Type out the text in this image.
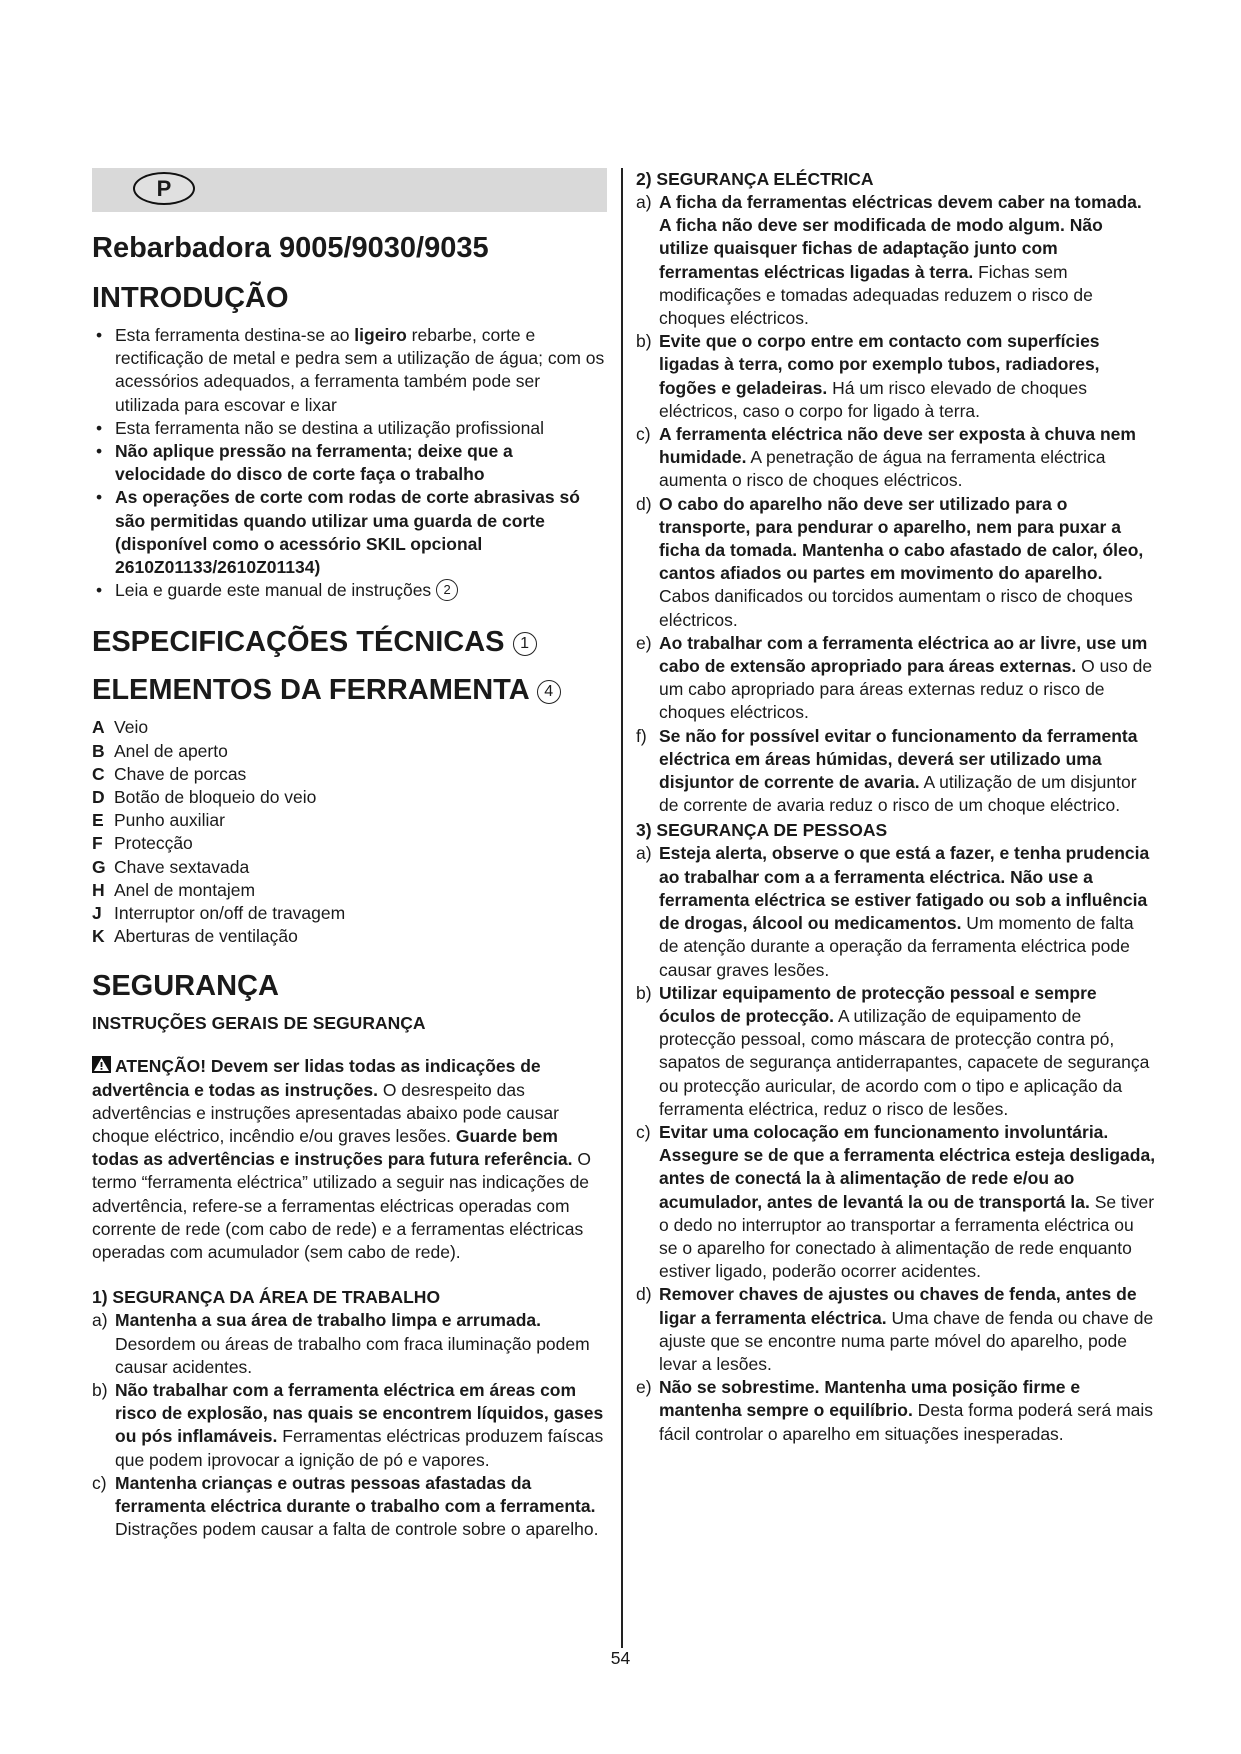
P
Rebarbadora 9005/9030/9035
INTRODUÇÃO
• Esta ferramenta destina-se ao ligeiro rebarbe, corte e rectificação de metal e pedra sem a utilização de água; com os acessórios adequados, a ferramenta também pode ser utilizada para escovar e lixar
• Esta ferramenta não se destina a utilização profissional
• Não aplique pressão na ferramenta; deixe que a velocidade do disco de corte faça o trabalho
• As operações de corte com rodas de corte abrasivas só são permitidas quando utilizar uma guarda de corte (disponível como o acessório SKIL opcional 2610Z01133/2610Z01134)
• Leia e guarde este manual de instruções 2
ESPECIFICAÇÕES TÉCNICAS 1
ELEMENTOS DA FERRAMENTA 4
A Veio
B Anel de aperto
C Chave de porcas
D Botão de bloqueio do veio
E Punho auxiliar
F Protecção
G Chave sextavada
H Anel de montajem
J Interruptor on/off de travagem
K Aberturas de ventilação
SEGURANÇA
INSTRUÇÕES GERAIS DE SEGURANÇA

ATENÇÃO! Devem ser lidas todas as indicações de advertência e todas as instruções. O desrespeito das advertências e instruções apresentadas abaixo pode causar choque eléctrico, incêndio e/ou graves lesões. Guarde bem todas as advertências e instruções para futura referência. O termo “ferramenta eléctrica” utilizado a seguir nas indicações de advertência, refere-se a ferramentas eléctricas operadas com corrente de rede (com cabo de rede) e a ferramentas eléctricas operadas com acumulador (sem cabo de rede).

1) SEGURANÇA DA ÁREA DE TRABALHO
a) Mantenha a sua área de trabalho limpa e arrumada. Desordem ou áreas de trabalho com fraca iluminação podem causar acidentes.
b) Não trabalhar com a ferramenta eléctrica em áreas com risco de explosão, nas quais se encontrem líquidos, gases ou pós inflamáveis. Ferramentas eléctricas produzem faíscas que podem iprovocar a ignição de pó e vapores.
c) Mantenha crianças e outras pessoas afastadas da ferramenta eléctrica durante o trabalho com a ferramenta. Distrações podem causar a falta de controle sobre o aparelho.
2) SEGURANÇA ELÉCTRICA
a) A ficha da ferramentas eléctricas devem caber na tomada. A ficha não deve ser modificada de modo algum. Não utilize quaisquer fichas de adaptação junto com ferramentas eléctricas ligadas à terra. Fichas sem modificações e tomadas adequadas reduzem o risco de choques eléctricos.
b) Evite que o corpo entre em contacto com superfícies ligadas à terra, como por exemplo tubos, radiadores, fogões e geladeiras. Há um risco elevado de choques eléctricos, caso o corpo for ligado à terra.
c) A ferramenta eléctrica não deve ser exposta à chuva nem humidade. A penetração de água na ferramenta eléctrica aumenta o risco de choques eléctricos.
d) O cabo do aparelho não deve ser utilizado para o transporte, para pendurar o aparelho, nem para puxar a ficha da tomada. Mantenha o cabo afastado de calor, óleo, cantos afiados ou partes em movimento do aparelho. Cabos danificados ou torcidos aumentam o risco de choques eléctricos.
e) Ao trabalhar com a ferramenta eléctrica ao ar livre, use um cabo de extensão apropriado para áreas externas. O uso de um cabo apropriado para áreas externas reduz o risco de choques eléctricos.
f) Se não for possível evitar o funcionamento da ferramenta eléctrica em áreas húmidas, deverá ser utilizado uma disjuntor de corrente de avaria. A utilização de um disjuntor de corrente de avaria reduz o risco de um choque eléctrico.
3) SEGURANÇA DE PESSOAS
a) Esteja alerta, observe o que está a fazer, e tenha prudencia ao trabalhar com a a ferramenta eléctrica. Não use a ferramenta eléctrica se estiver fatigado ou sob a influência de drogas, álcool ou medicamentos. Um momento de falta de atenção durante a operação da ferramenta eléctrica pode causar graves lesões.
b) Utilizar equipamento de protecção pessoal e sempre óculos de protecção. A utilização de equipamento de protecção pessoal, como máscara de protecção contra pó, sapatos de segurança antiderrapantes, capacete de segurança ou protecção auricular, de acordo com o tipo e aplicação da ferramenta eléctrica, reduz o risco de lesões.
c) Evitar uma colocação em funcionamento involuntária. Assegure se de que a ferramenta eléctrica esteja desligada, antes de conectá la à alimentação de rede e/ou ao acumulador, antes de levantá la ou de transportá la. Se tiver o dedo no interruptor ao transportar a ferramenta eléctrica ou se o aparelho for conectado à alimentação de rede enquanto estiver ligado, poderão ocorrer acidentes.
d) Remover chaves de ajustes ou chaves de fenda, antes de ligar a ferramenta eléctrica. Uma chave de fenda ou chave de ajuste que se encontre numa parte móvel do aparelho, pode levar a lesões.
e) Não se sobrestime. Mantenha uma posição firme e mantenha sempre o equilíbrio. Desta forma poderá será mais fácil controlar o aparelho em situações inesperadas.
54
